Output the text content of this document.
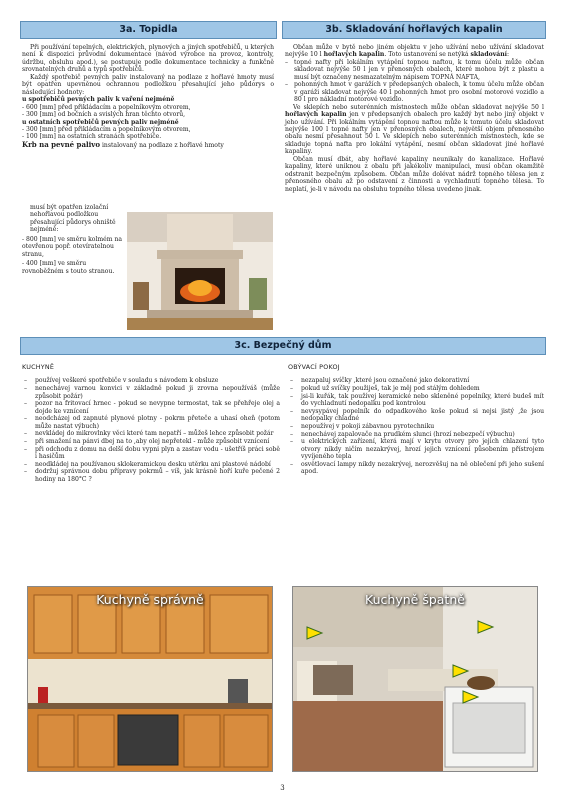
3a. Topidla	3b. Skladování hořlavých kapalin

Při používání tepelných, elektrických, plynových a jiných spotřebičů, u kterých není k dispozici průvodní dokumentace (návod výrobce na provoz, kontroly, údržbu, obsluhu apod.), se postupuje podle dokumentace technicky a funkčně srovnatelných druhů a typů spotřebičů.

Každý spotřebič pevných paliv instalovaný na podlaze z hořlavé hmoty musí být opatřen upevněnou ochrannou podložkou přesahující jeho půdorys o následující hodnoty:

u spotřebičů pevných paliv k vaření nejméně

- 600 [mm] před přikládacím a popelníkovým otvorem,

- 300 [mm] od bočních a svislých hran těchto otvorů,

u ostatních spotřebičů pevných paliv nejméně

- 300 [mm] před přikládacím a popelníkovým otvorem,

- 100 [mm] na ostatních stranách spotřebiče.

Krb na pevné palivo instalovaný na podlaze z hořlavé hmoty

musí být opatřen izolační nehořlavou podložkou přesahující půdorys ohniště nejméně:

- 800 [mm] ve směru kolmém na otevřenou popř. otevíratelnou stranu,

- 400 [mm] ve směru rovnoběžném s touto stranou.

Občan může v bytě nebo jiném objektu v jeho užívání nebo užívání skladovat nejvýše 10 l hořlavých kapalin. Toto ustanovení se netýká skladování:

– topné nafty při lokálním vytápění topnou naftou, k tomu účelu může občan skladovat nejvýše 50 l jen v přenosných obalech, které mohou být z plastu a musí být označeny nesmazatelným nápisem TOPNÁ NAFTA,
– pohonných hmot v garážích v předepsaných obalech, k tomu účelu může občan v garáži skladovat nejvýše 40 l pohonných hmot pro osobní motorové vozidlo a 80 l pro nákladní motorové vozidlo.

Ve sklepích nebo suterénních místnostech může občan skladovat nejvýše 50 l hořlavých kapalin jen v předepsaných obalech pro každý byt nebo jiný objekt v jeho užívání. Při lokálním vytápění topnou naftou může k tomuto účelu skladovat nejvýše 100 l topné nafty jen v přenosných obalech, největší objem přenosného obalu nesmí přesahnout 50 l. Ve sklepích nebo suterénních místnostech, kde se skladuje topná nafta pro lokální vytápění, nesmí občan skladovat jiné hořlavé kapaliny.

Občan musí dbát, aby hořlavé kapaliny neunikaly do kanalizace. Hořlavé kapaliny, které uniknou z obalu při jakékoliv manipulaci, musí občan okamžitě odstranit bezpečným způsobem. Občan může dolévat nádrž topného tělesa jen z přenosného obalu až po odstavení z činnosti a vychladnutí topného tělesa. To neplatí, je-li v návodu na obsluhu topného tělesa uvedeno jinak.

3c. Bezpečný dům

KUCHYNĚ

– používej veškeré spotřebiče v souladu s návodem k obsluze
– nenechávej varnou konvici v základně pokud ji zrovna nepoužíváš (může způsobit požár)
– pozor na fritovací hrnec - pokud se nevypne termostat, tak se přehřeje olej a dojde ke vznícení
– neodcházej od zapnuté plynové plotny - pokrm přeteče a uhasí oheň (potom může nastat výbuch)
– nevkládej do mikrovlnky věci které tam nepatří – můžeš lehce způsobit požár
– při smažení na pánvi dbej na to ,aby olej nepřetekl - může způsobit vznícení
– při odchodu z domu na delší dobu vypni plyn a zastav vodu - ušetříš práci sobě i hasičům
– neodkládej na používanou sklokeramickou desku utěrku ani plastové nádobí
– dodržuj správnou dobu přípravy pokrmů – víš, jak krásně hoří kuře pečené 2 hodiny na 180°C ?

OBÝVACÍ POKOJ

– nezapaluj svíčky ,které jsou označené jako dekorativní
– pokud už svíčky použiješ, tak je měj pod stálým dohledem
– jsi-li kuřák, tak používej keramické nebo skleněné popelníky, které budeš mít do vychladnutí nedopalku pod kontrolou
– nevysypávej popelník do odpadkového koše pokud si nejsi jistý ,že jsou nedopalky chladné
– nepoužívej v pokoji zábavnou pyrotechniku
– nenechávej zapalovače na prudkém slunci (hrozí nebezpečí výbuchu)
– u elektrických zařízení, která mají v krytu otvory pro jejich chlazení tyto otvory nikdy ničím nezakrývej, hrozí jejich vznícení působením přístrojem vyvíjeného tepla
– osvětlovací lampy nikdy nezakrývej, nerozvěšuj na ně oblečení při jeho sušení apod.
Kuchyně správně	Kuchyně špatně
3
